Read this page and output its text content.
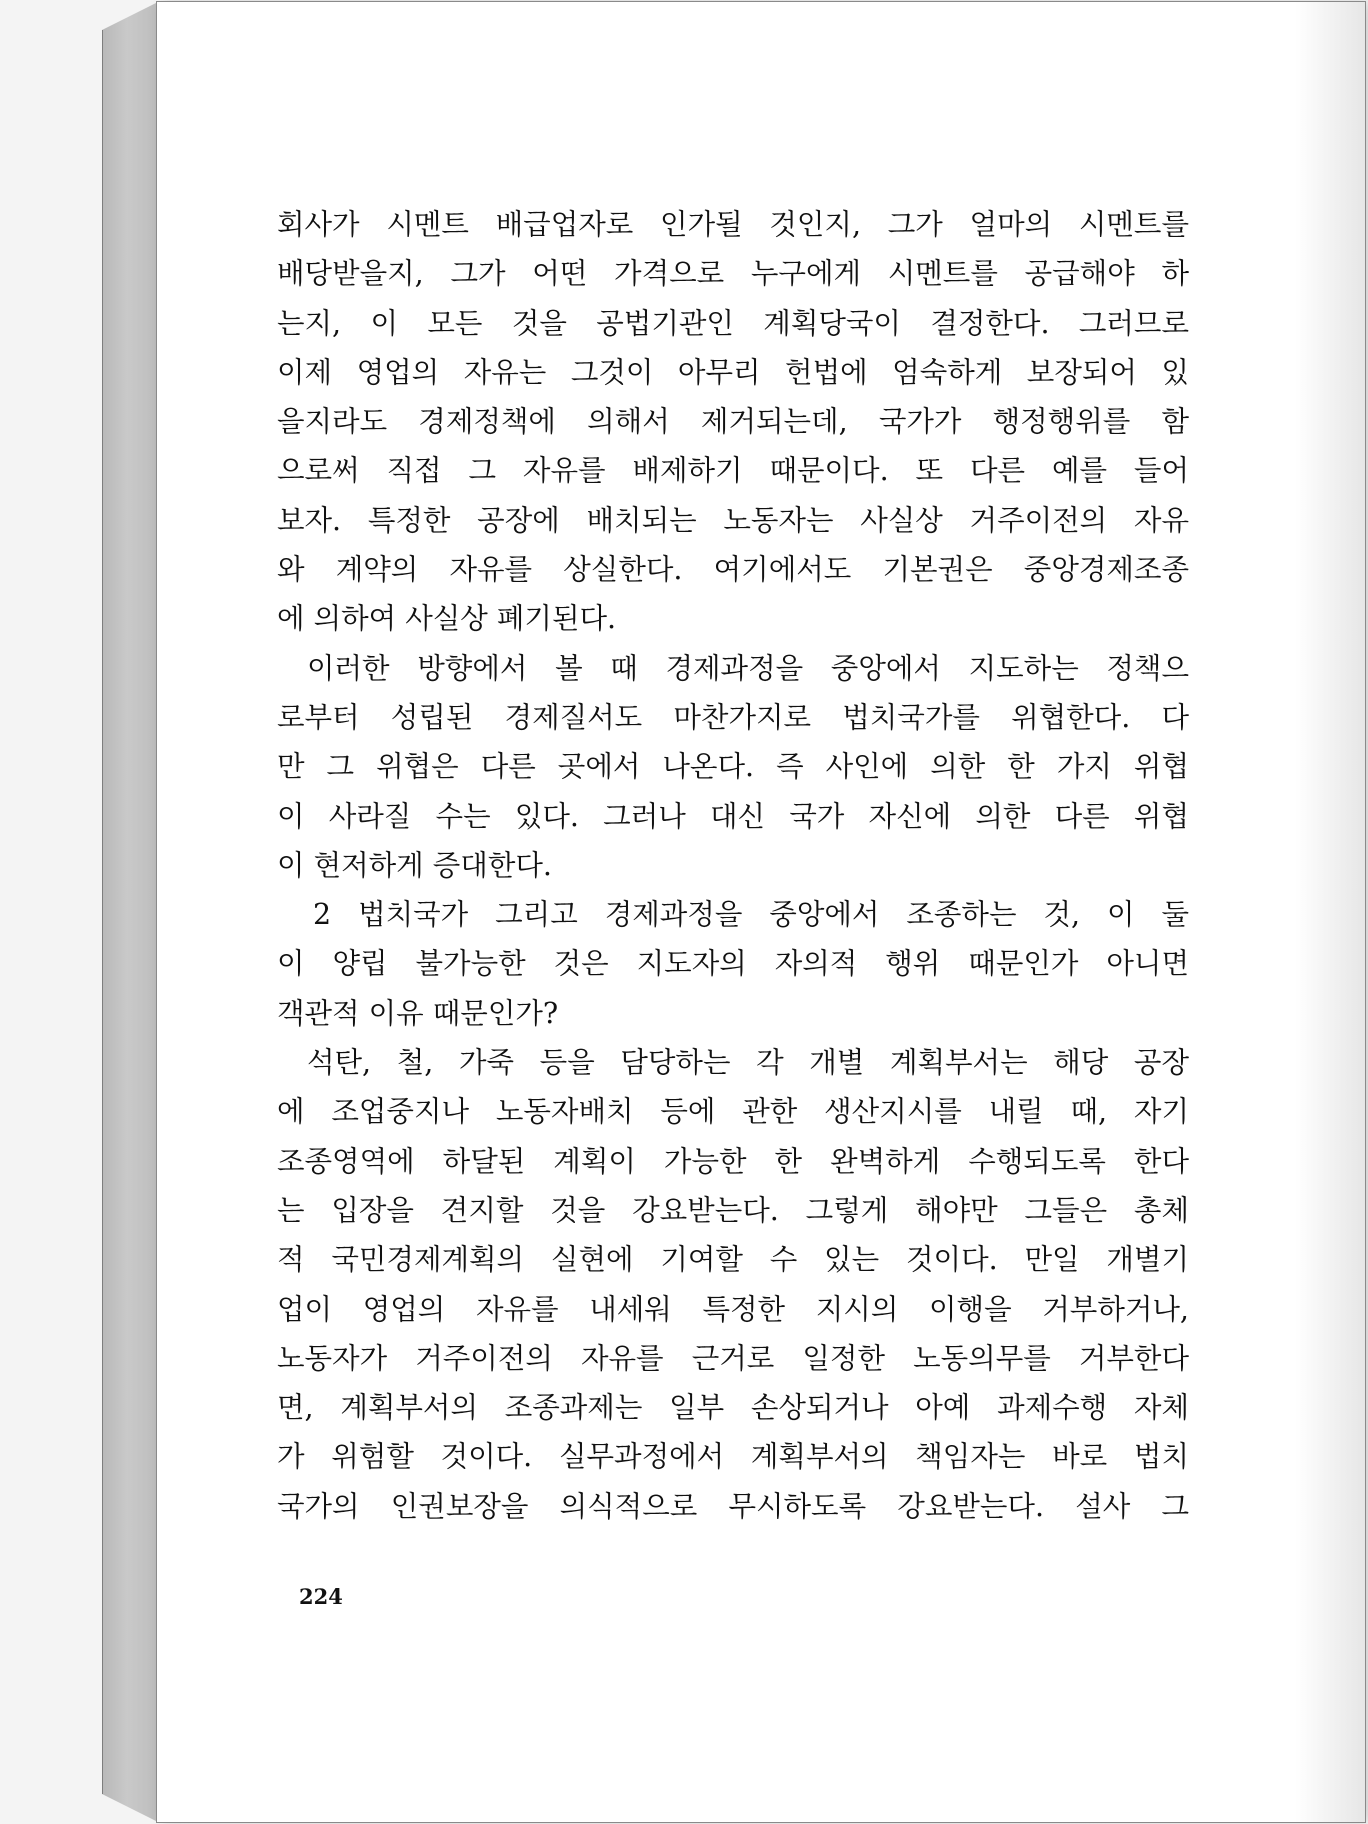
회사가 시멘트 배급업자로 인가될 것인지, 그가 얼마의 시멘트를
배당받을지, 그가 어떤 가격으로 누구에게 시멘트를 공급해야 하
는지, 이 모든 것을 공법기관인 계획당국이 결정한다. 그러므로
이제 영업의 자유는 그것이 아무리 헌법에 엄숙하게 보장되어 있
을지라도 경제정책에 의해서 제거되는데, 국가가 행정행위를 함
으로써 직접 그 자유를 배제하기 때문이다. 또 다른 예를 들어
보자. 특정한 공장에 배치되는 노동자는 사실상 거주이전의 자유
와 계약의 자유를 상실한다. 여기에서도 기본권은 중앙경제조종
에 의하여 사실상 폐기된다.
이러한 방향에서 볼 때 경제과정을 중앙에서 지도하는 정책으
로부터 성립된 경제질서도 마찬가지로 법치국가를 위협한다. 다
만 그 위협은 다른 곳에서 나온다. 즉 사인에 의한 한 가지 위협
이 사라질 수는 있다. 그러나 대신 국가 자신에 의한 다른 위협
이 현저하게 증대한다.
2 법치국가 그리고 경제과정을 중앙에서 조종하는 것, 이 둘
이 양립 불가능한 것은 지도자의 자의적 행위 때문인가 아니면
객관적 이유 때문인가?
석탄, 철, 가죽 등을 담당하는 각 개별 계획부서는 해당 공장
에 조업중지나 노동자배치 등에 관한 생산지시를 내릴 때, 자기
조종영역에 하달된 계획이 가능한 한 완벽하게 수행되도록 한다
는 입장을 견지할 것을 강요받는다. 그렇게 해야만 그들은 총체
적 국민경제계획의 실현에 기여할 수 있는 것이다. 만일 개별기
업이 영업의 자유를 내세워 특정한 지시의 이행을 거부하거나,
노동자가 거주이전의 자유를 근거로 일정한 노동의무를 거부한다
면, 계획부서의 조종과제는 일부 손상되거나 아예 과제수행 자체
가 위험할 것이다. 실무과정에서 계획부서의 책임자는 바로 법치
국가의 인권보장을 의식적으로 무시하도록 강요받는다. 설사 그
224
